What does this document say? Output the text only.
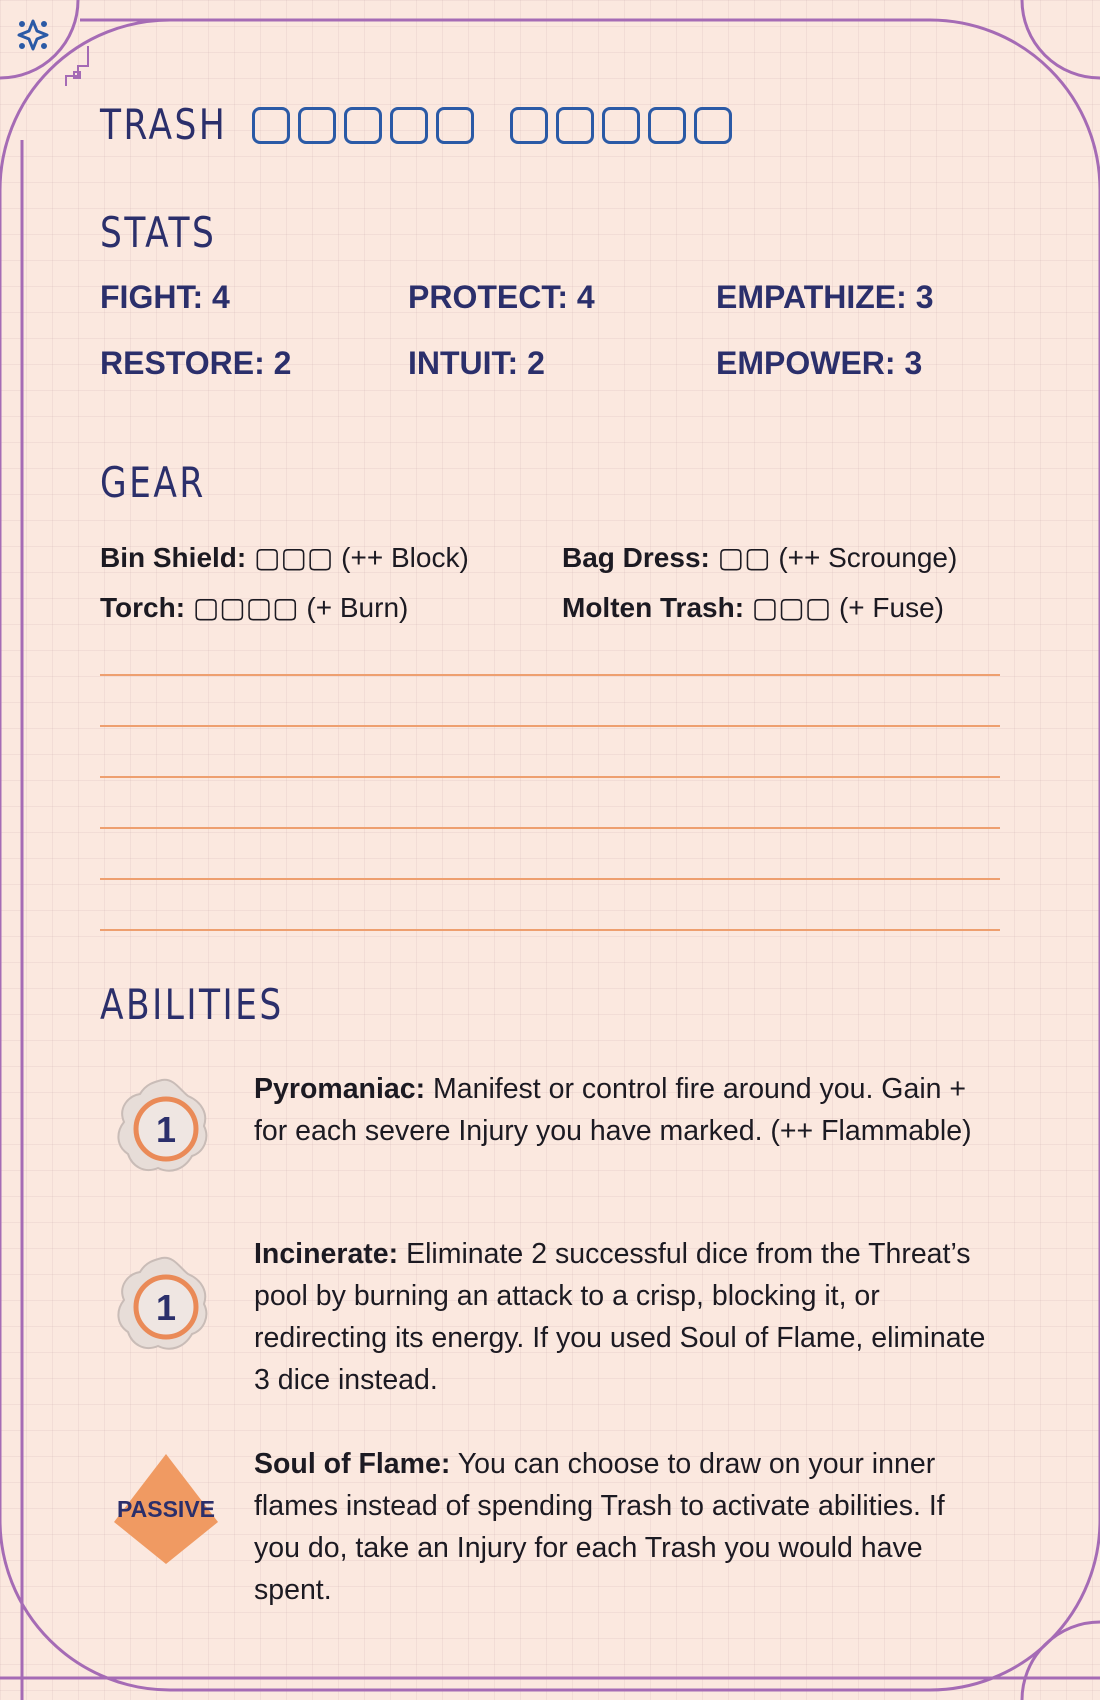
TRASH
STATS
FIGHT: 4	PROTECT: 4	EMPATHIZE: 3
RESTORE: 2	INTUIT: 2	EMPOWER: 3
GEAR
Bin Shield: ▢▢▢ (++ Block)	Bag Dress: ▢▢ (++ Scrounge)
Torch: ▢▢▢▢ (+ Burn)	Molten Trash: ▢▢▢ (+ Fuse)
ABILITIES
1
Pyromaniac: Manifest or control fire around you. Gain + for each severe Injury you have marked. (++ Flammable)
1
Incinerate: Eliminate 2 successful dice from the Threat’s pool by burning an attack to a crisp, blocking it, or redirecting its energy. If you used Soul of Flame, eliminate 3 dice instead.
PASSIVE
Soul of Flame: You can choose to draw on your inner flames instead of spending Trash to activate abilities. If you do, take an Injury for each Trash you would have spent.
